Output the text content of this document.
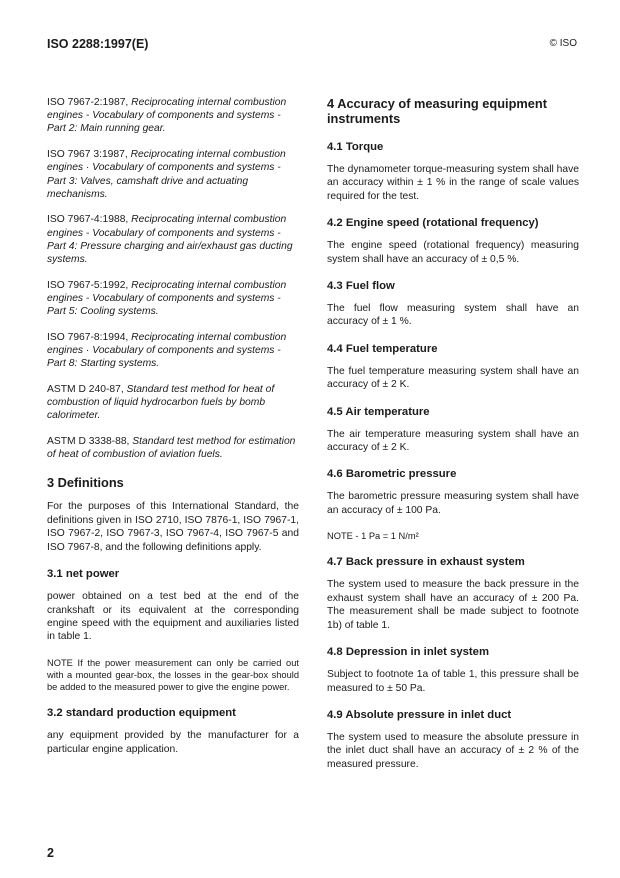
ISO 2288:1997(E)	© ISO
ISO 7967-2:1987, Reciprocating internal combustion engines - Vocabulary of components and systems - Part 2: Main running gear.
ISO 7967 3:1987, Reciprocating internal combustion engines · Vocabulary of components and systems - Part 3: Valves, camshaft drive and actuating mechanisms.
ISO 7967-4:1988, Reciprocating internal combustion engines - Vocabulary of components and systems - Part 4: Pressure charging and air/exhaust gas ducting systems.
ISO 7967-5:1992, Reciprocating internal combustion engines - Vocabulary of components and systems - Part 5: Cooling systems.
ISO 7967-8:1994, Reciprocating internal combustion engines · Vocabulary of components and systems - Part 8: Starting systems.
ASTM D 240-87, Standard test method for heat of combustion of liquid hydrocarbon fuels by bomb calorimeter.
ASTM D 3338-88, Standard test method for estimation of heat of combustion of aviation fuels.
3 Definitions

For the purposes of this International Standard, the definitions given in ISO 2710, ISO 7876-1, ISO 7967-1, ISO 7967-2, ISO 7967-3, ISO 7967-4, ISO 7967-5 and ISO 7967-8, and the following definitions apply.

3.1 net power

power obtained on a test bed at the end of the crankshaft or its equivalent at the corresponding engine speed with the equipment and auxiliaries listed in table 1.

NOTE If the power measurement can only be carried out with a mounted gear-box, the losses in the gear-box should be added to the measured power to give the engine power.

3.2 standard production equipment

any equipment provided by the manufacturer for a particular engine application.

4 Accuracy of measuring equipment instruments
4.1 Torque

The dynamometer torque-measuring system shall have an accuracy within ± 1 % in the range of scale values required for the test.

4.2 Engine speed (rotational frequency)

The engine speed (rotational frequency) measuring system shall have an accuracy of ± 0,5 %.

4.3 Fuel flow

The fuel flow measuring system shall have an accuracy of ± 1 %.

4.4 Fuel temperature

The fuel temperature measuring system shall have an accuracy of ± 2 K.

4.5 Air temperature

The air temperature measuring system shall have an accuracy of ± 2 K.

4.6 Barometric pressure

The barometric pressure measuring system shall have an accuracy of ± 100 Pa.

NOTE - 1 Pa = 1 N/m²

4.7 Back pressure in exhaust system

The system used to measure the back pressure in the exhaust system shall have an accuracy of ± 200 Pa. The measurement shall be made subject to footnote 1b) of table 1.

4.8 Depression in inlet system

Subject to footnote 1a of table 1, this pressure shall be measured to ± 50 Pa.

4.9 Absolute pressure in inlet duct

The system used to measure the absolute pressure in the inlet duct shall have an accuracy of ± 2 % of the measured pressure.

2
